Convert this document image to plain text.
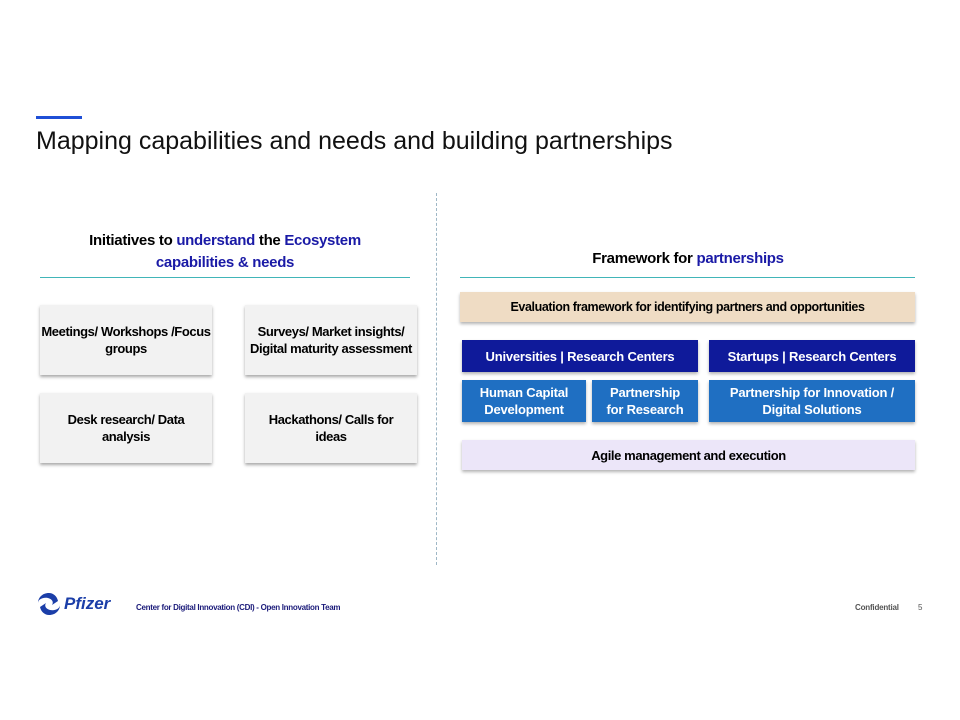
Mapping capabilities and needs and building partnerships
Initiatives to understand the Ecosystem
capabilities & needs
Meetings/ Workshops /Focus groups
Surveys/ Market insights/ Digital maturity assessment
Desk research/ Data analysis
Hackathons/ Calls for ideas
Framework for partnerships
Evaluation framework for identifying partners and opportunities
Universities | Research Centers	Startups | Research Centers
Human Capital Development
Partnership for Research
Partnership for Innovation / Digital Solutions
Agile management and execution
Pfizer	Center for Digital Innovation (CDI) - Open Innovation Team	Confidential 5
